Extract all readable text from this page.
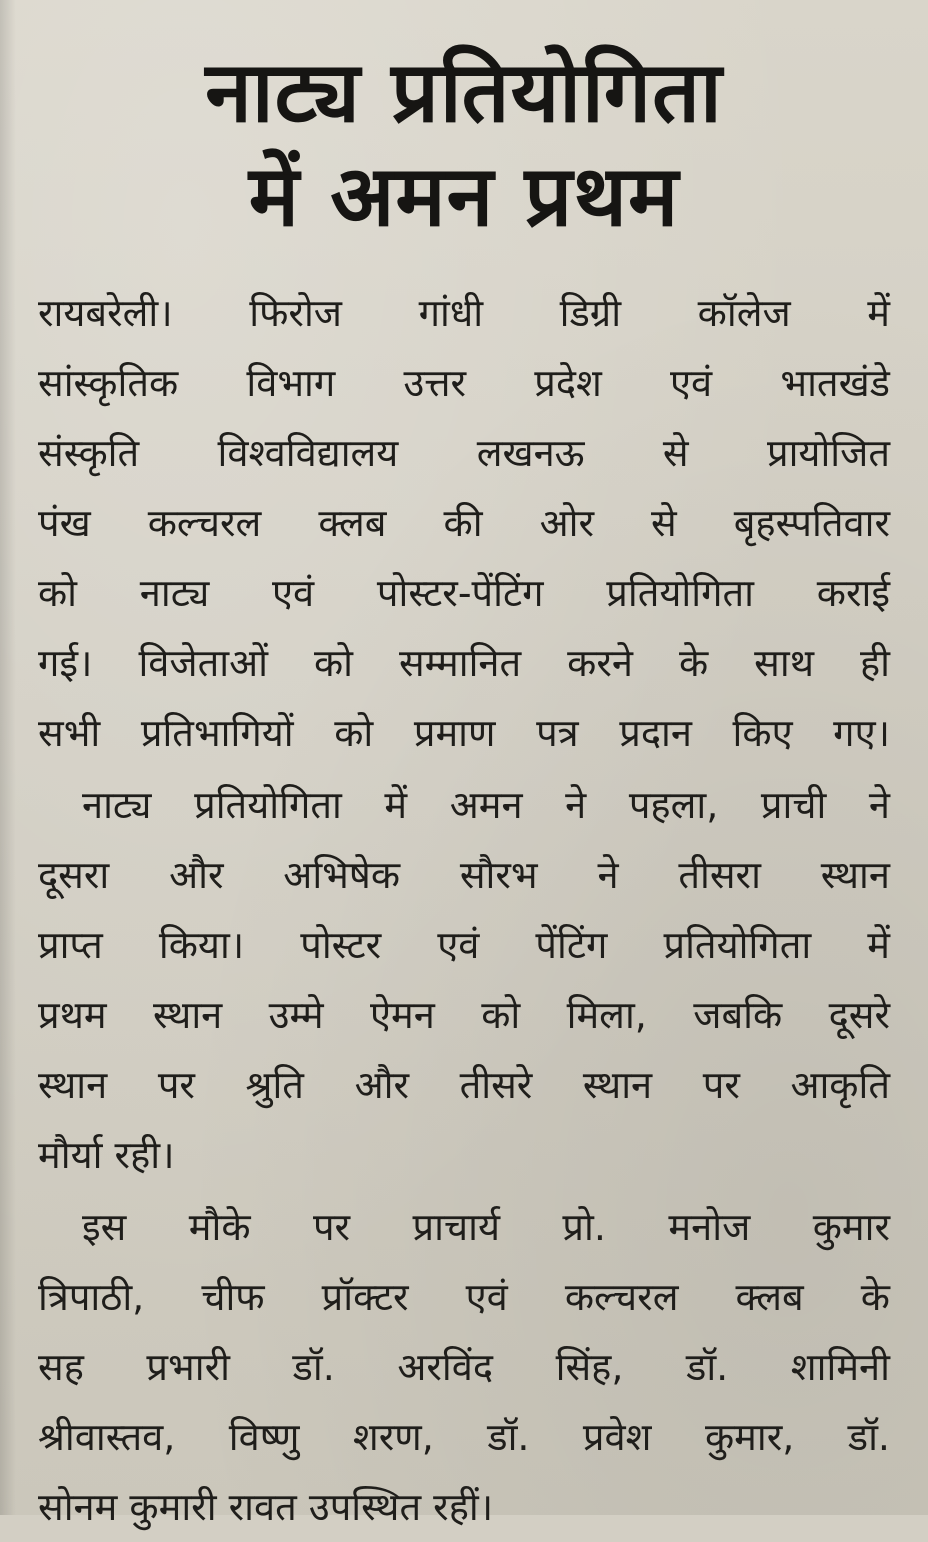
नाट्य प्रतियोगिता
में अमन प्रथम

रायबरेली। फिरोज गांधी डिग्री कॉलेज में
सांस्कृतिक विभाग उत्तर प्रदेश एवं भातखंडे
संस्कृति विश्वविद्यालय लखनऊ से प्रायोजित
पंख कल्चरल क्लब की ओर से बृहस्पतिवार
को नाट्य एवं पोस्टर-पेंटिंग प्रतियोगिता कराई
गई। विजेताओं को सम्मानित करने के साथ ही
सभी प्रतिभागियों को प्रमाण पत्र प्रदान किए गए।

नाट्य प्रतियोगिता में अमन ने पहला, प्राची ने
दूसरा और अभिषेक सौरभ ने तीसरा स्थान
प्राप्त किया। पोस्टर एवं पेंटिंग प्रतियोगिता में
प्रथम स्थान उम्मे ऐमन को मिला, जबकि दूसरे
स्थान पर श्रुति और तीसरे स्थान पर आकृति
मौर्या रही।

इस मौके पर प्राचार्य प्रो. मनोज कुमार
त्रिपाठी, चीफ प्रॉक्टर एवं कल्चरल क्लब के
सह प्रभारी डॉ. अरविंद सिंह, डॉ. शामिनी
श्रीवास्तव, विष्णु शरण, डॉ. प्रवेश कुमार, डॉ.
सोनम कुमारी रावत उपस्थित रहीं।
